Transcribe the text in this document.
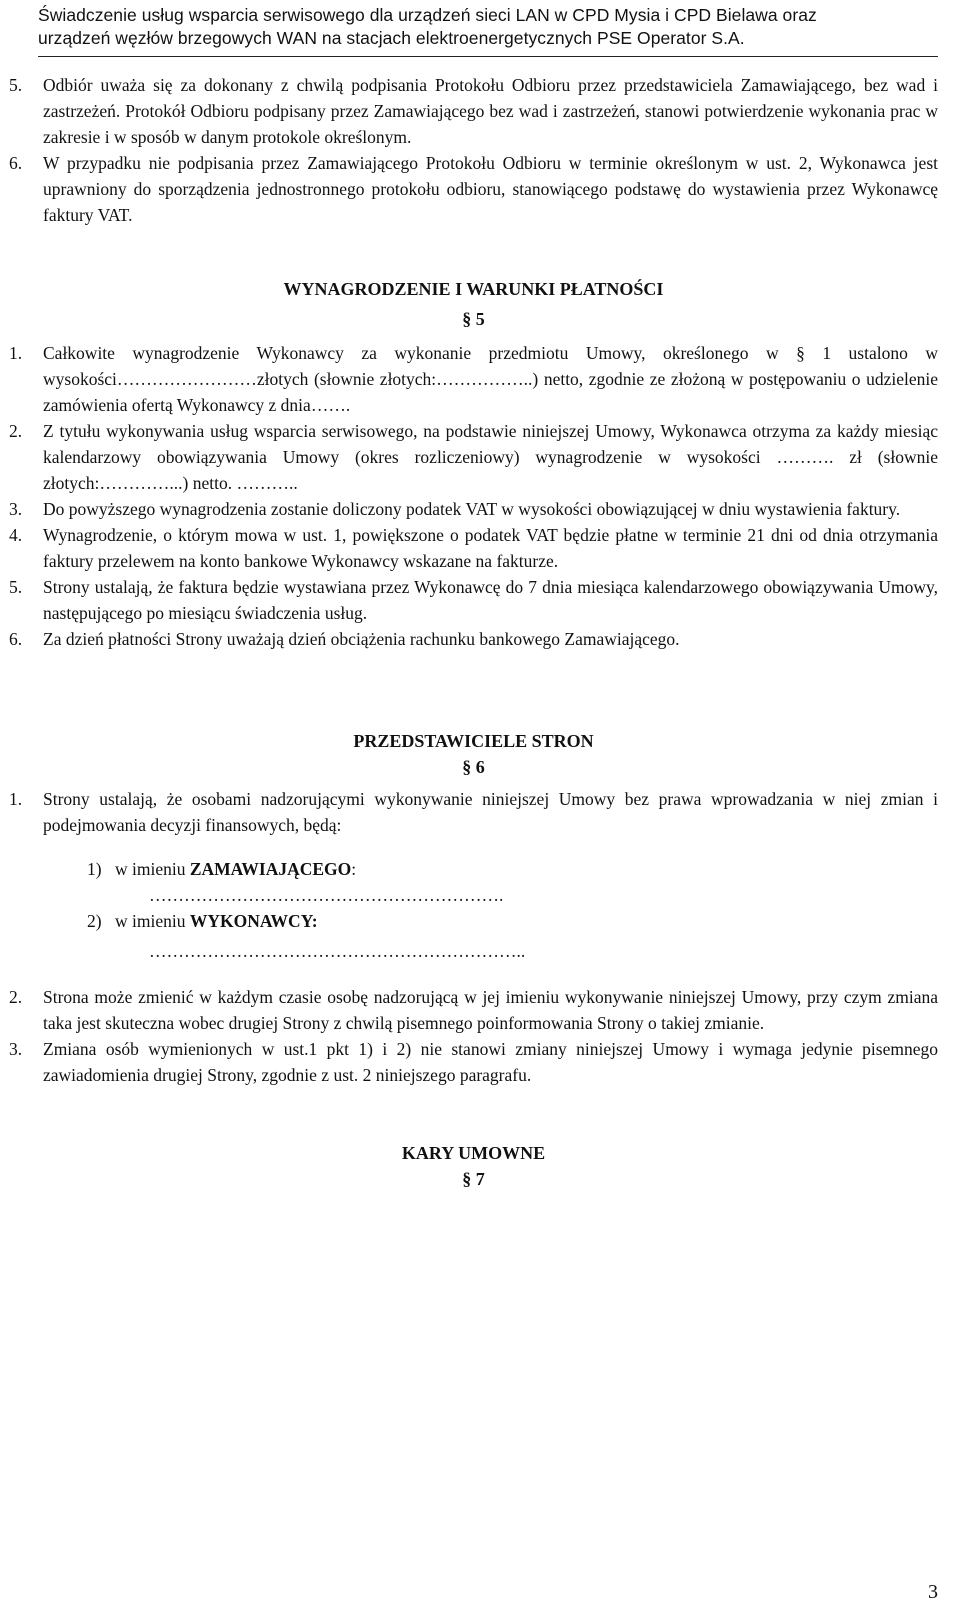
Świadczenie usług wsparcia serwisowego dla urządzeń sieci LAN w CPD Mysia i CPD Bielawa oraz
urządzeń węzłów brzegowych WAN na stacjach elektroenergetycznych PSE Operator S.A.
5.	Odbiór uważa się za dokonany z chwilą podpisania Protokołu Odbioru przez przedstawiciela Zamawiającego, bez wad i zastrzeżeń. Protokół Odbioru podpisany przez Zamawiającego bez wad i zastrzeżeń, stanowi potwierdzenie wykonania prac w zakresie i w sposób w danym protokole określonym.
6.	W przypadku nie podpisania przez Zamawiającego Protokołu Odbioru w terminie określonym w ust. 2, Wykonawca jest uprawniony do sporządzenia jednostronnego protokołu odbioru, stanowiącego podstawę do wystawienia przez Wykonawcę faktury VAT.
WYNAGRODZENIE I WARUNKI PŁATNOŚCI
§ 5
1.	Całkowite wynagrodzenie Wykonawcy za wykonanie przedmiotu Umowy, określonego w § 1 ustalono w wysokości……………………złotych (słownie złotych:……………..) netto, zgodnie ze złożoną w postępowaniu o udzielenie zamówienia ofertą Wykonawcy z dnia…….
2.	Z tytułu wykonywania usług wsparcia serwisowego, na podstawie niniejszej Umowy, Wykonawca otrzyma za każdy miesiąc kalendarzowy obowiązywania Umowy (okres rozliczeniowy) wynagrodzenie w wysokości ………. zł (słownie złotych:…………...) netto. ………..
3.	Do powyższego wynagrodzenia zostanie doliczony podatek VAT w wysokości obowiązującej w dniu wystawienia faktury.
4.	Wynagrodzenie, o którym mowa w ust. 1, powiększone o podatek VAT będzie płatne w terminie 21 dni od dnia otrzymania faktury przelewem na konto bankowe Wykonawcy wskazane na fakturze.
5.	Strony ustalają, że faktura będzie wystawiana przez Wykonawcę do 7 dnia miesiąca kalendarzowego obowiązywania Umowy, następującego po miesiącu świadczenia usług.
6.	Za dzień płatności Strony uważają dzień obciążenia rachunku bankowego Zamawiającego.
PRZEDSTAWICIELE STRON
§ 6
1.	Strony ustalają, że osobami nadzorującymi wykonywanie niniejszej Umowy bez prawa wprowadzania w niej zmian i podejmowania decyzji finansowych, będą:
1) w imieniu ZAMAWIAJĄCEGO:
…………………………………………………….
2) w imieniu WYKONAWCY:
………………………………………………………..
2.	Strona może zmienić w każdym czasie osobę nadzorującą w jej imieniu wykonywanie niniejszej Umowy, przy czym zmiana taka jest skuteczna wobec drugiej Strony z chwilą pisemnego poinformowania Strony o takiej zmianie.
3.	Zmiana osób wymienionych w ust.1 pkt 1) i 2) nie stanowi zmiany niniejszej Umowy i wymaga jedynie pisemnego zawiadomienia drugiej Strony, zgodnie z ust. 2 niniejszego paragrafu.
KARY UMOWNE
§ 7
3
